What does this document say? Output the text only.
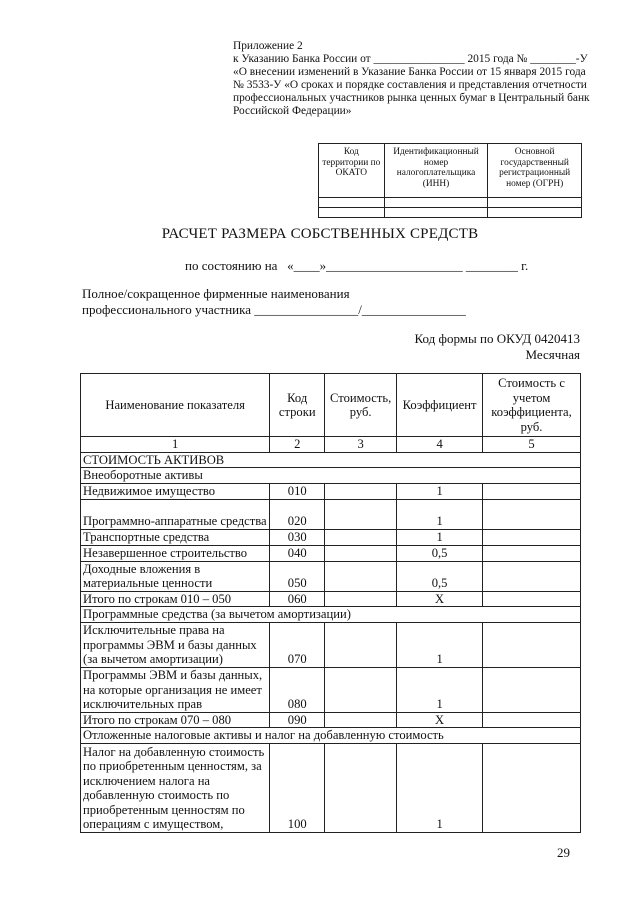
Приложение 2
к Указанию Банка России от ________________ 2015 года № ________-У
«О внесении изменений в Указание Банка России от 15 января 2015 года
№ 3533-У «О сроках и порядке составления и представления отчетности
профессиональных участников рынка ценных бумаг в Центральный банк
Российской Федерации»
Код территории по ОКАТО	Идентификационный номер налогоплательщика (ИНН)	Основной государственный регистрационный номер (ОГРН)

РАСЧЕТ РАЗМЕРА СОБСТВЕННЫХ СРЕДСТВ
по состоянию на «____»_____________________ ________ г.
Полное/сокращенное фирменные наименования
профессионального участника ________________/________________
Код формы по ОКУД 0420413
Месячная
Наименование показателя	Код строки	Стоимость, руб.	Коэффициент	Стоимость с учетом коэффициента, руб.
1	2	3	4	5
СТОИМОСТЬ АКТИВОВ				
Внеоборотные активы				
Недвижимое имущество	010		1	
Программно-аппаратные средства	020		1	
Транспортные средства	030		1	
Незавершенное строительство	040		0,5	
Доходные вложения в материальные ценности	050		0,5	
Итого по строкам 010 – 050	060		Х	
Программные средства (за вычетом амортизации)				
Исключительные права на программы ЭВМ и базы данных (за вычетом амортизации)	070		1	
Программы ЭВМ и базы данных, на которые организация не имеет исключительных прав	080		1	
Итого по строкам 070 – 080	090		Х	
Отложенные налоговые активы и налог на добавленную стоимость				
Налог на добавленную стоимость по приобретенным ценностям, за исключением налога на добавленную стоимость по приобретенным ценностям по операциям с имуществом,	100		1	
29
